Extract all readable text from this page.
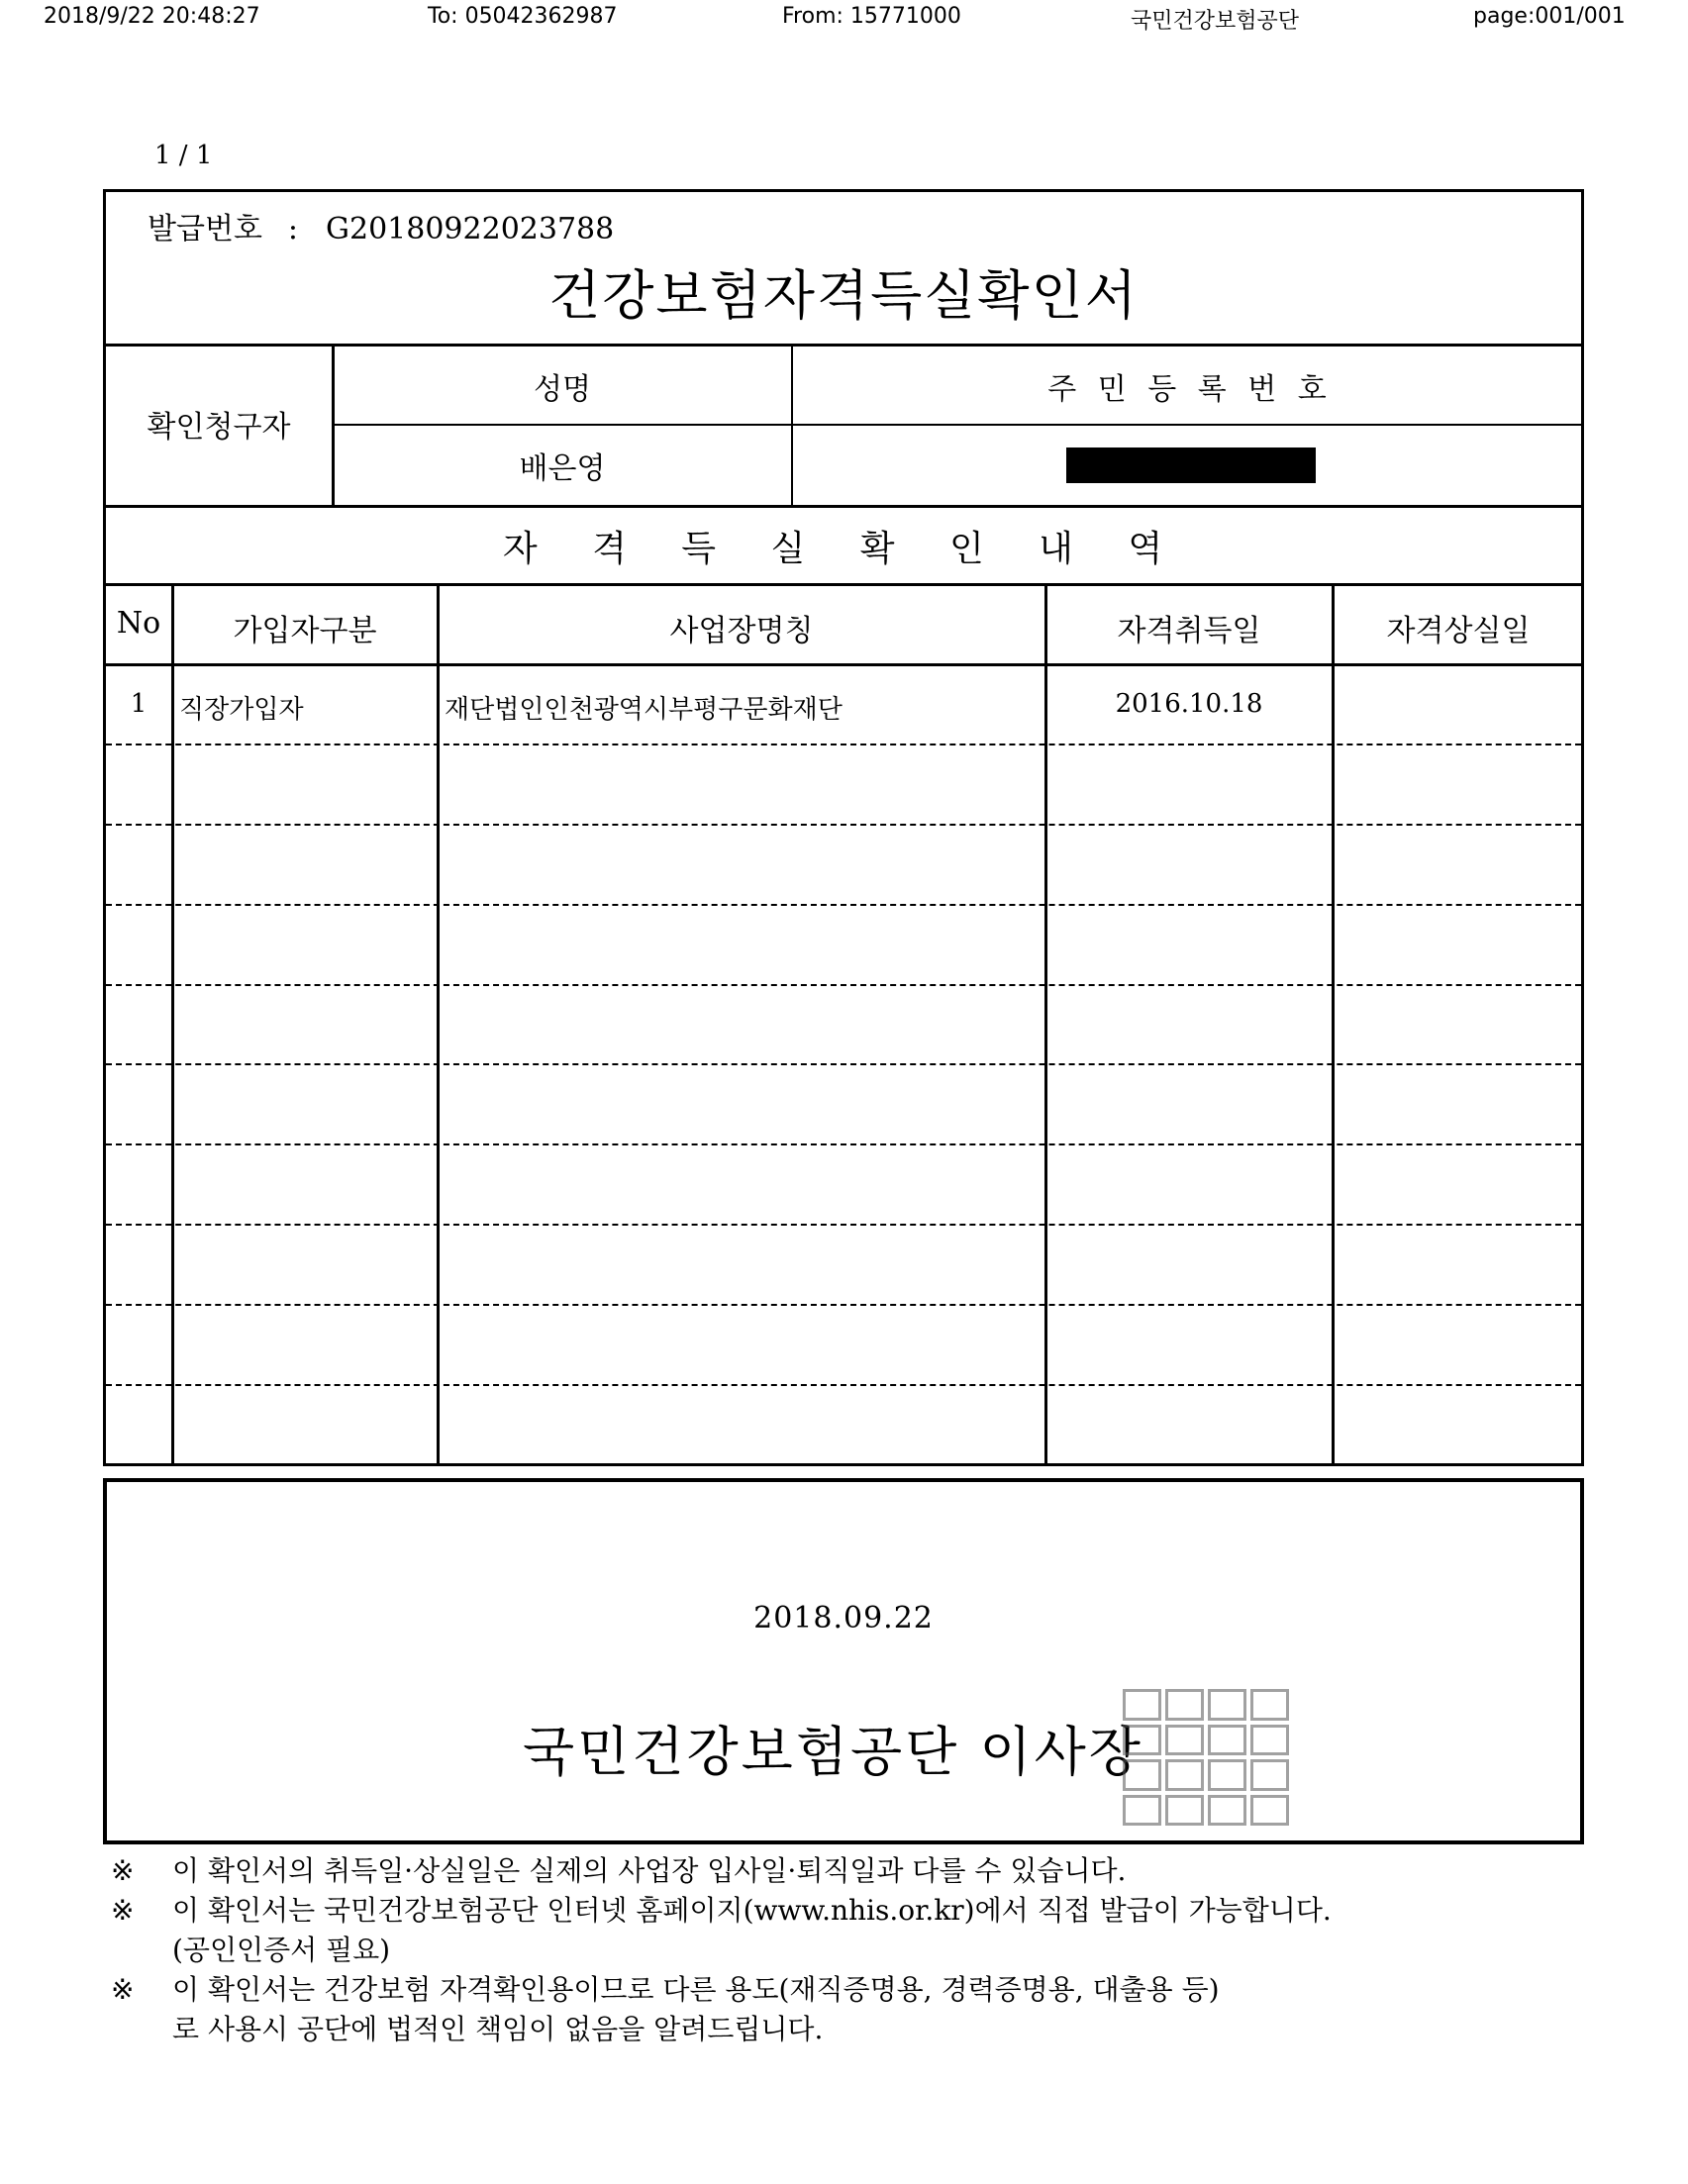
2018/9/22 20:48:27	To: 05042362987	From: 15771000	국민건강보험공단	page:001/001
1 / 1
발급번호 : G20180922023788
건강보험자격득실확인서
확인청구자
성명	주 민 등 록 번 호
배은영
자 격 득 실 확 인 내 역
No	가입자구분	사업장명칭	자격취득일	자격상실일
1	직장가입자	재단법인인천광역시부평구문화재단	2016.10.18
2018.09.22
국민건강보험공단 이사장
※ 이 확인서의 취득일·상실일은 실제의 사업장 입사일·퇴직일과 다를 수 있습니다.
※ 이 확인서는 국민건강보험공단 인터넷 홈페이지(www.nhis.or.kr)에서 직접 발급이 가능합니다.
(공인인증서 필요)
※ 이 확인서는 건강보험 자격확인용이므로 다른 용도(재직증명용, 경력증명용, 대출용 등)
로 사용시 공단에 법적인 책임이 없음을 알려드립니다.
